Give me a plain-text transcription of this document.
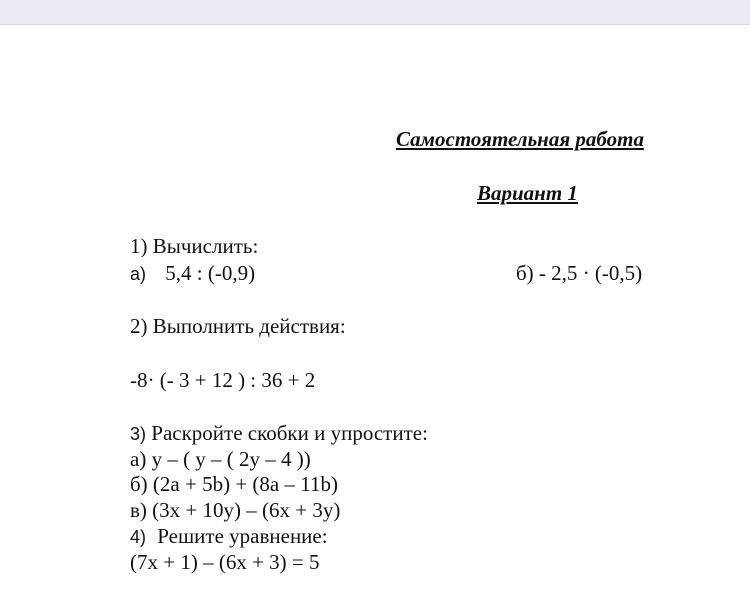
Самостоятельная работа
Вариант 1
1) Вычислить:
а) 5,4 : (-0,9)	б) - 2,5 · (-0,5)
2) Выполнить действия:
-8· (- 3 + 12 ) : 36 + 2
3) Раскройте скобки и упростите:
а) у – ( у – ( 2у – 4 ))
б) (2а + 5b) + (8а – 11b)
в) (3х + 10у) – (6х + 3у)
4) Решите уравнение:
(7х + 1) – (6х + 3) = 5
